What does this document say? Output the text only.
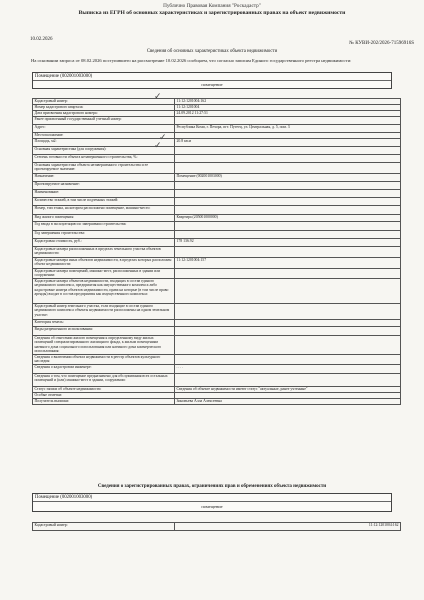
Публично Правовая Компания "Роскадастр"
Выписка из ЕГРН об основных характеристиках и зарегистрированных правах на объект недвижимости
10.02.2026
№ КУВИ-202/2026-71596916S
Сведения об основных характеристиках объекта недвижимости
На основании запроса от 08.02.2026 поступившего на рассмотрение 10.02.2026 сообщаем, что согласно записям Единого государственного реестра недвижимости:
Помещение (002001003000)
помещение
Кадастровый номер:	11:12:1201004:162
Номер кадастрового квартала:	11:12:1201004
Дата присвоения кадастрового номера:	24.09.2012 11:27:51
Ранее присвоенный государственный учетный номер:	
Адрес:	Республика Коми, г. Печора, пгт. Путеец, ул. Центральная, д. 5, пом. 3
Местоположение:	
Площадь, м2:	20.8 кв.м
Основная характеристика (для сооружения):	
Степень готовности объекта незавершенного строительства, %:	
Основная характеристика объекта незавершенного строительства и ее проектируемое значение:	
Назначение:	Помещение (002001003000)
Проектируемое назначение:	
Наименование:	
Количество этажей, в том числе подземных этажей:	
Номер, тип этажа, на котором расположено помещение, машино-место:	
Вид жилого помещения:	Квартира (205001000000)
Год ввода в эксплуатацию по завершении строительства:	
Год завершения строительства:	
Кадастровая стоимость, руб.:	178 136.92
Кадастровые номера расположенных в пределах земельного участка объектов недвижимости:	
Кадастровые номера иных объектов недвижимости, в пределах которых расположен объект недвижимости:	11:12:1201004:157
Кадастровые номера помещений, машино-мест, расположенных в здании или сооружении:	
Кадастровые номера объектов недвижимости, входящих в состав единого недвижимого комплекса, предприятия как имущественного комплекса либо кадастровые номера объектов недвижимости, права на которые (в том числе право аренды) входят в состав предприятия как имущественного комплекса:	
Кадастровый номер земельного участка, если входящие в состав единого недвижимого комплекса объекты недвижимости расположены на одном земельном участке:	
Категория земель:	
Виды разрешенного использования:	
Сведения об отнесении жилого помещения к определенному виду жилых помещений специализированного жилищного фонда, к жилым помещениям наемного дома социального использования или наемного дома коммерческого использования:	
Сведения о включении объекта недвижимости в реестр объектов культурного наследия:	
Сведения о кадастровом инженере:	. . . .
Сведения о том, что помещение предназначено для обслуживания всех остальных помещений и (или) машино-мест в здании, сооружении:	
Статус записи об объекте недвижимости:	Сведения об объекте недвижимости имеют статус "актуальные, ранее учтенные"
Особые отметки:	
Получатель выписки:	Зиновьева Алла Алексеевна
✓
✓
✓
Сведения о зарегистрированных правах, ограничениях прав и обременениях объекта недвижимости
Помещение (002001003000)
помещение
Кадастровый номер:	11:12:1201004:162
